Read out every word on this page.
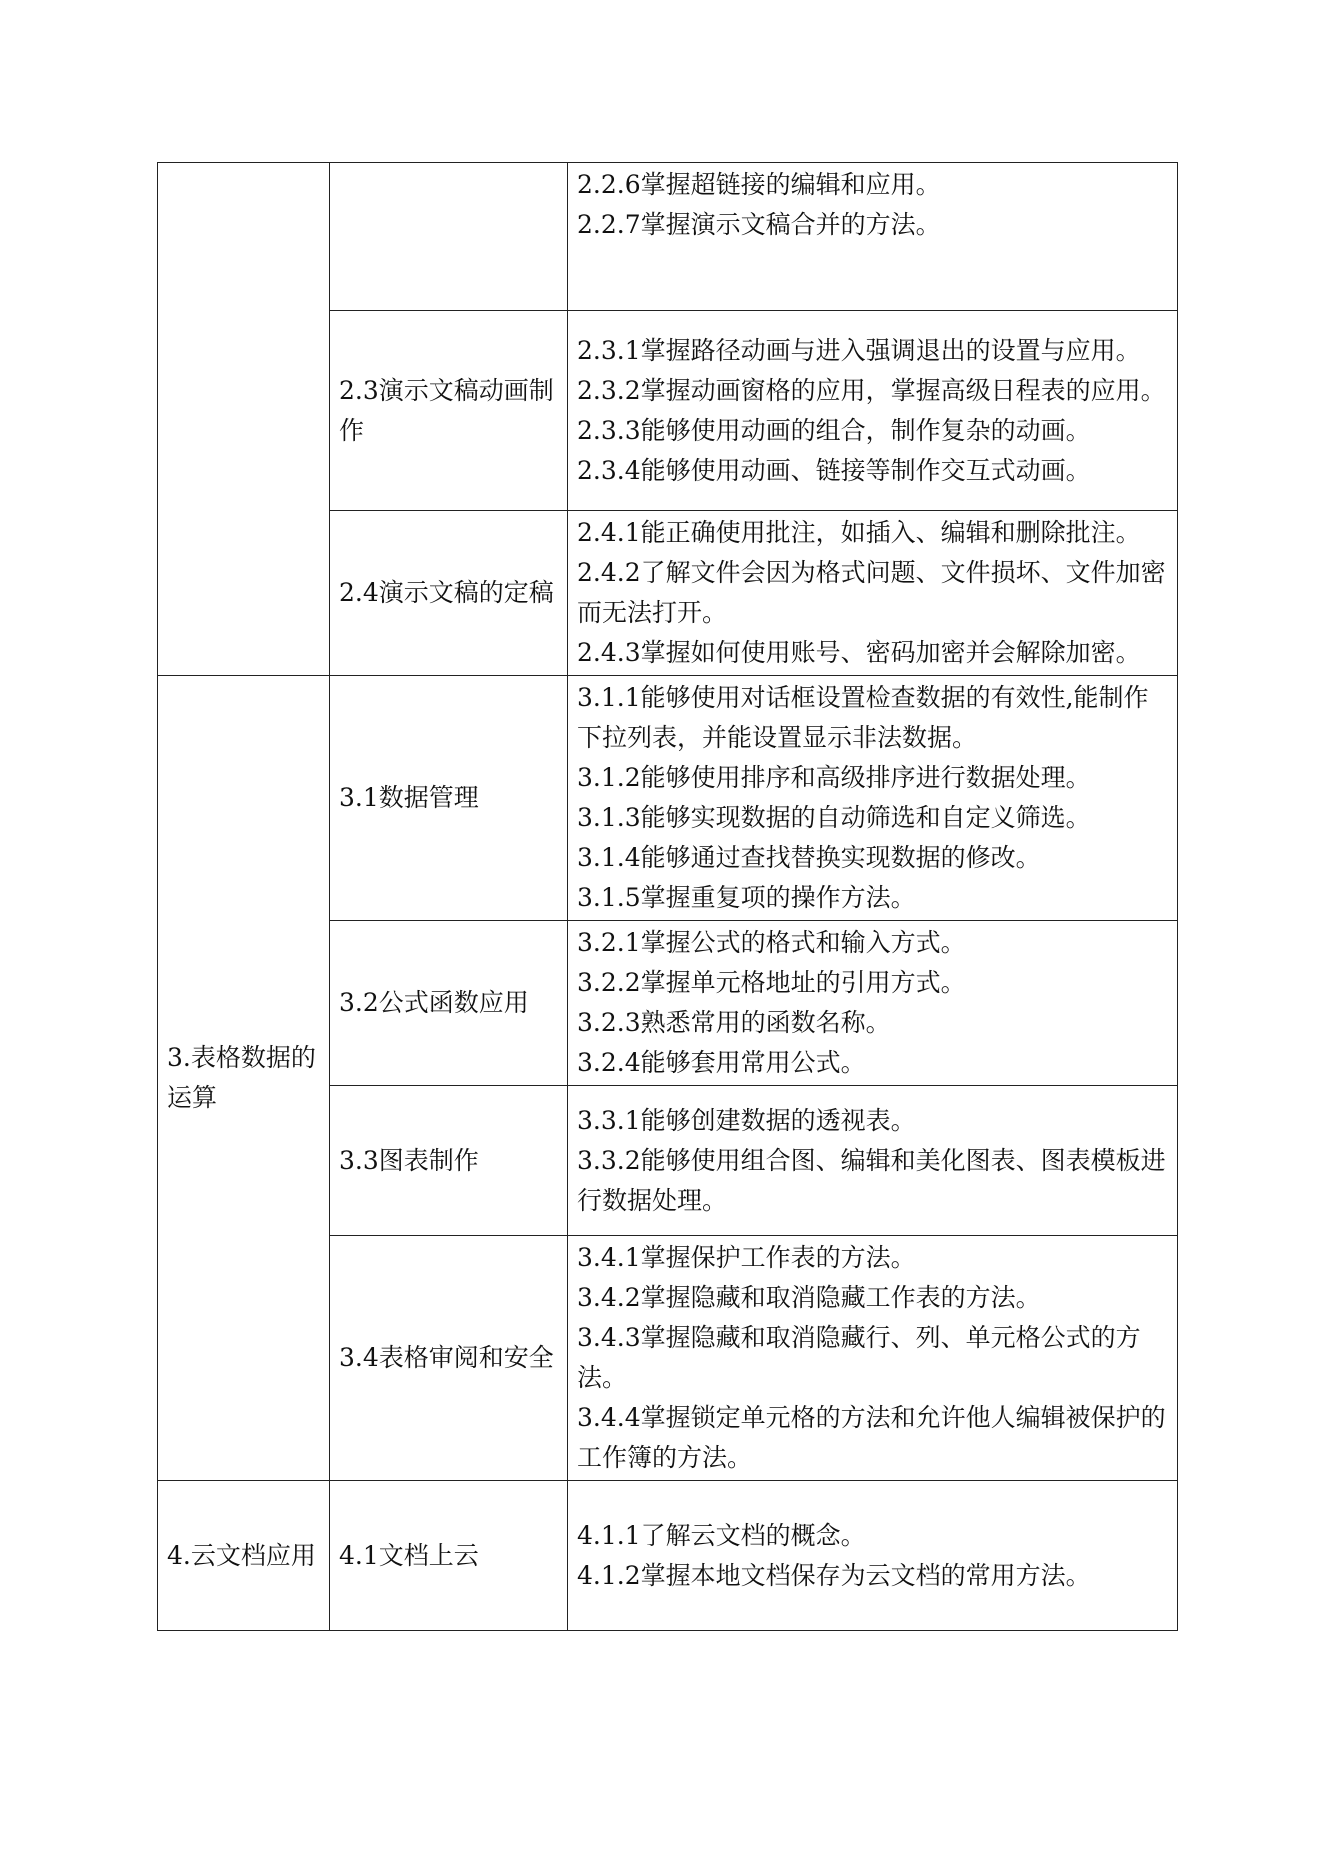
		2.2.6掌握超链接的编辑和应用。
2.2.7掌握演示文稿合并的方法。

	2.3演示文稿动画制作	2.3.1掌握路径动画与进入强调退出的设置与应用。
2.3.2掌握动画窗格的应用，掌握高级日程表的应用。
2.3.3能够使用动画的组合，制作复杂的动画。
2.3.4能够使用动画、链接等制作交互式动画。

	2.4演示文稿的定稿	2.4.1能正确使用批注，如插入、编辑和删除批注。
2.4.2了解文件会因为格式问题、文件损坏、文件加密而无法打开。
2.4.3掌握如何使用账号、密码加密并会解除加密。

3.表格数据的运算	3.1数据管理	3.1.1能够使用对话框设置检查数据的有效性,能制作下拉列表，并能设置显示非法数据。
3.1.2能够使用排序和高级排序进行数据处理。
3.1.3能够实现数据的自动筛选和自定义筛选。
3.1.4能够通过查找替换实现数据的修改。
3.1.5掌握重复项的操作方法。

	3.2公式函数应用	3.2.1掌握公式的格式和输入方式。
3.2.2掌握单元格地址的引用方式。
3.2.3熟悉常用的函数名称。
3.2.4能够套用常用公式。

	3.3图表制作	3.3.1能够创建数据的透视表。
3.3.2能够使用组合图、编辑和美化图表、图表模板进行数据处理。

	3.4表格审阅和安全	3.4.1掌握保护工作表的方法。
3.4.2掌握隐藏和取消隐藏工作表的方法。
3.4.3掌握隐藏和取消隐藏行、列、单元格公式的方法。
3.4.4掌握锁定单元格的方法和允许他人编辑被保护的工作簿的方法。

4.云文档应用	4.1文档上云	4.1.1了解云文档的概念。
4.1.2掌握本地文档保存为云文档的常用方法。
